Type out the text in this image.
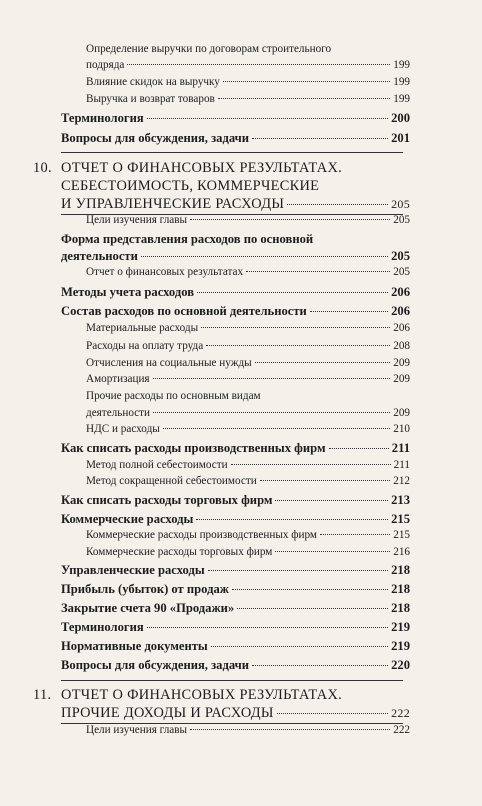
Определение выручки по договорам строительного
подряда	199
Влияние скидок на выручку	199
Выручка и возврат товаров	199
Терминология	200
Вопросы для обсуждения, задачи	201
10. ОТЧЕТ О ФИНАНСОВЫХ РЕЗУЛЬТАТАХ.
СЕБЕСТОИМОСТЬ, КОММЕРЧЕСКИЕ
И УПРАВЛЕНЧЕСКИЕ РАСХОДЫ	205
Цели изучения главы	205
Форма представления расходов по основной
деятельности	205
Отчет о финансовых результатах	205
Методы учета расходов	206
Состав расходов по основной деятельности	206
Материальные расходы	206
Расходы на оплату труда	208
Отчисления на социальные нужды	209
Амортизация	209
Прочие расходы по основным видам
деятельности	209
НДС и расходы	210
Как списать расходы производственных фирм	211
Метод полной себестоимости	211
Метод сокращенной себестоимости	212
Как списать расходы торговых фирм	213
Коммерческие расходы	215
Коммерческие расходы производственных фирм	215
Коммерческие расходы торговых фирм	216
Управленческие расходы	218
Прибыль (убыток) от продаж	218
Закрытие счета 90 «Продажи»	218
Терминология	219
Нормативные документы	219
Вопросы для обсуждения, задачи	220
11. ОТЧЕТ О ФИНАНСОВЫХ РЕЗУЛЬТАТАХ.
ПРОЧИЕ ДОХОДЫ И РАСХОДЫ	222
Цели изучения главы	222
